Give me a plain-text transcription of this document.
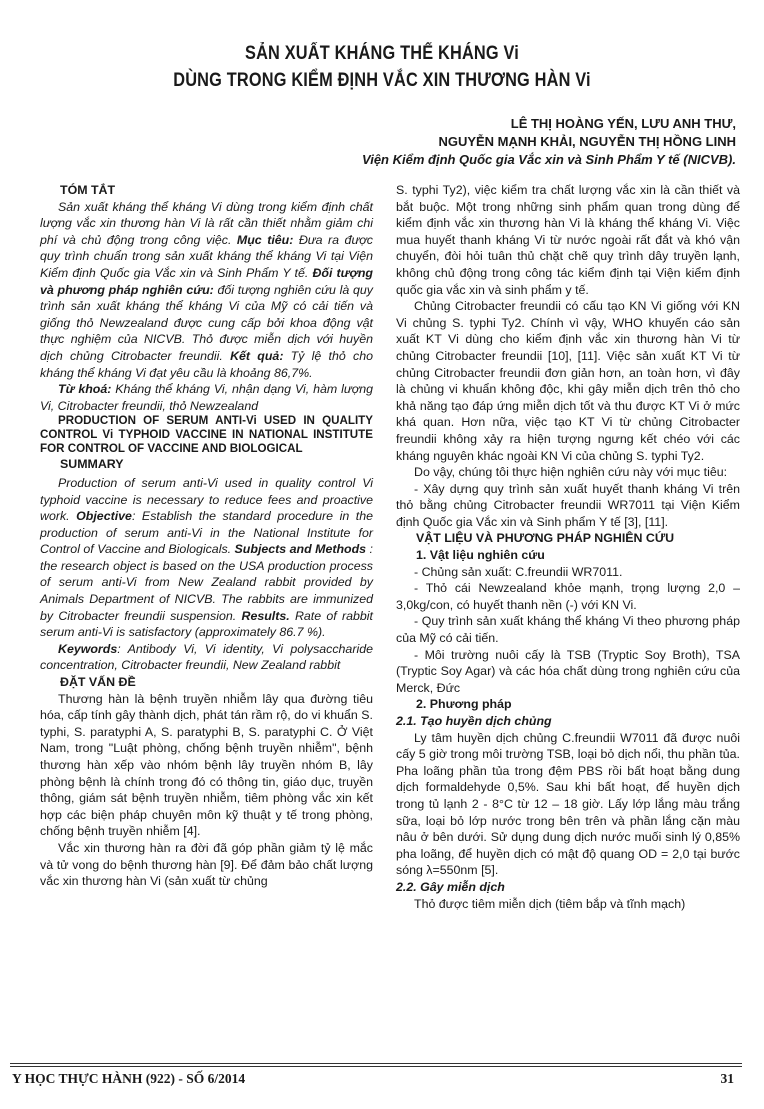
SẢN XUẤT KHÁNG THỂ KHÁNG Vi
DÙNG TRONG KIỂM ĐỊNH VẮC XIN THƯƠNG HÀN Vi
LÊ THỊ HOÀNG YẾN, LƯU ANH THƯ,
NGUYỄN MẠNH KHẢI, NGUYỄN THỊ HỒNG LINH
Viện Kiểm định Quốc gia Vắc xin và Sinh Phẩm Y tế (NICVB).

TÓM TẮT

Sản xuất kháng thể kháng Vi dùng trong kiểm định chất lượng vắc xin thương hàn Vi là rất cần thiết nhằm giảm chi phí và chủ động trong công việc. Mục tiêu: Đưa ra được quy trình chuẩn trong sản xuất kháng thể kháng Vi tại Viện Kiểm định Quốc gia Vắc xin và Sinh Phẩm Y tế. Đối tượng và phương pháp nghiên cứu: đối tượng nghiên cứu là quy trình sản xuất kháng thể kháng Vi của Mỹ có cải tiến và giống thỏ Newzealand được cung cấp bởi khoa động vật thực nghiệm của NICVB. Thỏ được miễn dịch với huyền dịch chủng Citrobacter freundii. Kết quả: Tỷ lệ thỏ cho kháng thể kháng Vi đạt yêu cầu là khoảng 86,7%.

Từ khoá: Kháng thể kháng Vi, nhận dạng Vi, hàm lượng Vi, Citrobacter freundii, thỏ Newzealand

PRODUCTION OF SERUM ANTI-Vi USED IN QUALITY CONTROL Vi TYPHOID VACCINE IN NATIONAL INSTITUTE FOR CONTROL OF VACCINE AND BIOLOGICAL

SUMMARY

Production of serum anti-Vi used in quality control Vi typhoid vaccine is necessary to reduce fees and proactive work. Objective: Establish the standard procedure in the production of serum anti-Vi in the National Institute for Control of Vaccine and Biologicals. Subjects and Methods : the research object is based on the USA production process of serum anti-Vi from New Zealand rabbit provided by Animals Department of NICVB. The rabbits are immunized by Citrobacter freundii suspension. Results. Rate of rabbit serum anti-Vi is satisfactory (approximately 86.7 %).

Keywords: Antibody Vi, Vi identity, Vi polysaccharide concentration, Citrobacter freundii, New Zealand rabbit

ĐẶT VẤN ĐỀ

Thương hàn là bệnh truyền nhiễm lây qua đường tiêu hóa, cấp tính gây thành dịch, phát tán rầm rộ, do vi khuẩn S. typhi, S. paratyphi A, S. paratyphi B, S. paratyphi C. Ở Việt Nam, trong "Luật phòng, chống bệnh truyền nhiễm", bệnh thương hàn xếp vào nhóm bệnh lây truyền nhóm B, lây phòng bệnh là chính trong đó có thông tin, giáo dục, truyền thông, giám sát bệnh truyền nhiễm, tiêm phòng vắc xin kết hợp các biện pháp chuyên môn kỹ thuật y tế trong phòng, chống bệnh truyền nhiễm [4].

Vắc xin thương hàn ra đời đã góp phần giảm tỷ lệ mắc và tử vong do bệnh thương hàn [9]. Để đảm bảo chất lượng vắc xin thương hàn Vi (sản xuất từ chủng

S. typhi Ty2), việc kiểm tra chất lượng vắc xin là cần thiết và bắt buộc. Một trong những sinh phẩm quan trong dùng để kiểm định vắc xin thương hàn Vi là kháng thể kháng Vi. Việc mua huyết thanh kháng Vi từ nước ngoài rất đắt và khó vận chuyển, đòi hỏi tuân thủ chặt chẽ quy trình dây truyền lạnh, không chủ động trong công tác kiểm định tại Viện kiểm định quốc gia vắc xin và sinh phẩm y tế.

Chủng Citrobacter freundii có cấu tạo KN Vi giống với KN Vi chủng S. typhi Ty2. Chính vì vậy, WHO khuyến cáo sản xuất KT Vi dùng cho kiểm định vắc xin thương hàn Vi từ chủng Citrobacter freundii [10], [11]. Việc sản xuất KT Vi từ chủng Citrobacter freundii đơn giản hơn, an toàn hơn, vì đây là chủng vi khuẩn không độc, khi gây miễn dịch trên thỏ cho khả năng tạo đáp ứng miễn dịch tốt và thu được KT Vi ở mức khá quan. Hơn nữa, việc tạo KT Vi từ chủng Citrobacter freundii không xảy ra hiện tượng ngưng kết chéo với các kháng nguyên khác ngoài KN Vi của chủng S. typhi Ty2.

Do vậy, chúng tôi thực hiện nghiên cứu này với mục tiêu:

- Xây dựng quy trình sản xuất huyết thanh kháng Vi trên thỏ bằng chủng Citrobacter freundii WR7011 tại Viện Kiểm định Quốc gia Vắc xin và Sinh phẩm Y tế [3], [11].

VẬT LIỆU VÀ PHƯƠNG PHÁP NGHIÊN CỨU

1. Vật liệu nghiên cứu

- Chủng sản xuất: C.freundii WR7011.

- Thỏ cái Newzealand khỏe mạnh, trọng lượng 2,0 – 3,0kg/con, có huyết thanh nền (-) với KN Vi.

- Quy trình sản xuất kháng thể kháng Vi theo phương pháp của Mỹ có cải tiến.

- Môi trường nuôi cấy là TSB (Tryptic Soy Broth), TSA (Tryptic Soy Agar) và các hóa chất dùng trong nghiên cứu của Merck, Đức

2. Phương pháp

2.1. Tạo huyền dịch chủng

Ly tâm huyền dịch chủng C.freundii W7011 đã được nuôi cấy 5 giờ trong môi trường TSB, loại bỏ dịch nổi, thu phần tủa. Pha loãng phần tủa trong đệm PBS rồi bất hoạt bằng dung dịch formaldehyde 0,5%. Sau khi bất hoạt, để huyền dịch trong tủ lạnh 2 - 8°C từ 12 – 18 giờ. Lấy lớp lắng màu trắng sữa, loại bỏ lớp nước trong bên trên và phần lắng cặn màu nâu ở bên dưới. Sử dụng dung dịch nước muối sinh lý 0,85% pha loãng, để huyền dịch có mật độ quang OD = 2,0 tại bước sóng λ=550nm [5].

2.2. Gây miễn dịch

Thỏ được tiêm miễn dịch (tiêm bắp và tĩnh mạch)

Y HỌC THỰC HÀNH (922) - SỐ 6/2014	31
